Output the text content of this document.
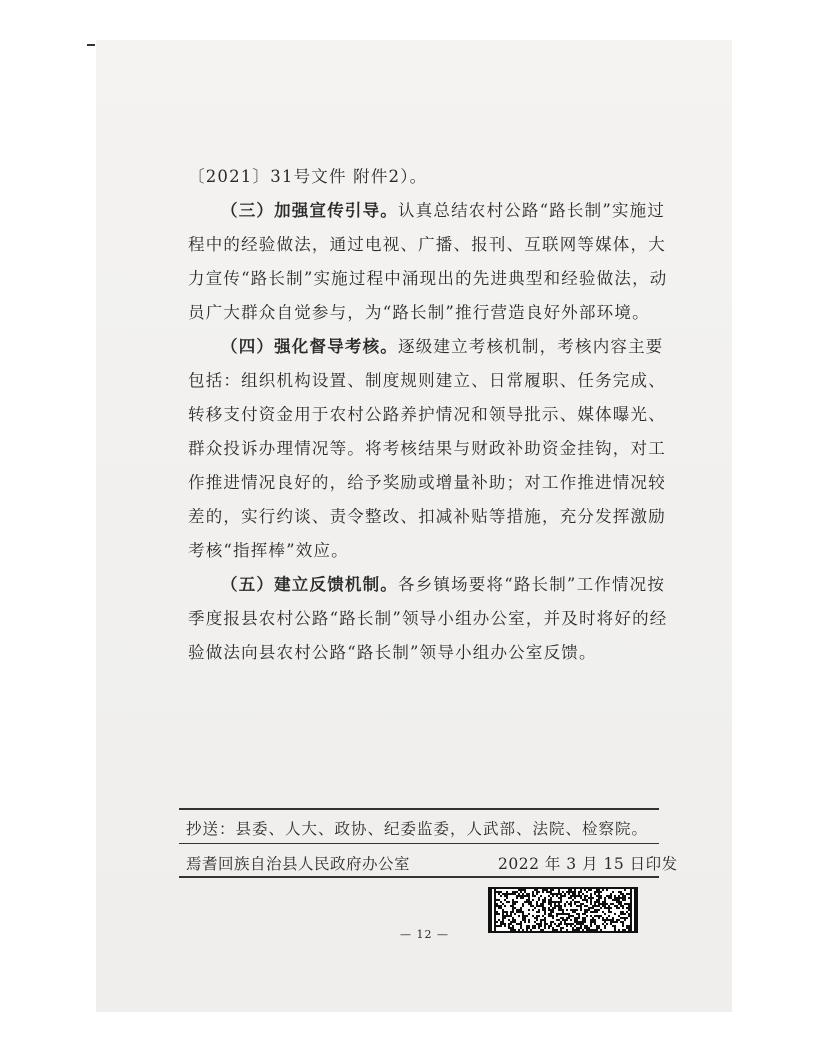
〔2021〕31号文件 附件2）。

（三）加强宣传引导。认真总结农村公路“路长制”实施过程中的经验做法，通过电视、广播、报刊、互联网等媒体，大力宣传“路长制”实施过程中涌现出的先进典型和经验做法，动员广大群众自觉参与，为“路长制”推行营造良好外部环境。

（四）强化督导考核。逐级建立考核机制，考核内容主要包括：组织机构设置、制度规则建立、日常履职、任务完成、转移支付资金用于农村公路养护情况和领导批示、媒体曝光、群众投诉办理情况等。将考核结果与财政补助资金挂钩，对工作推进情况良好的，给予奖励或增量补助；对工作推进情况较差的，实行约谈、责令整改、扣减补贴等措施，充分发挥激励考核“指挥棒”效应。

（五）建立反馈机制。各乡镇场要将“路长制”工作情况按季度报县农村公路“路长制”领导小组办公室，并及时将好的经验做法向县农村公路“路长制”领导小组办公室反馈。

抄送：县委、人大、政协、纪委监委，人武部、法院、检察院。
焉耆回族自治县人民政府办公室	2022 年 3 月 15 日印发
— 12 —
